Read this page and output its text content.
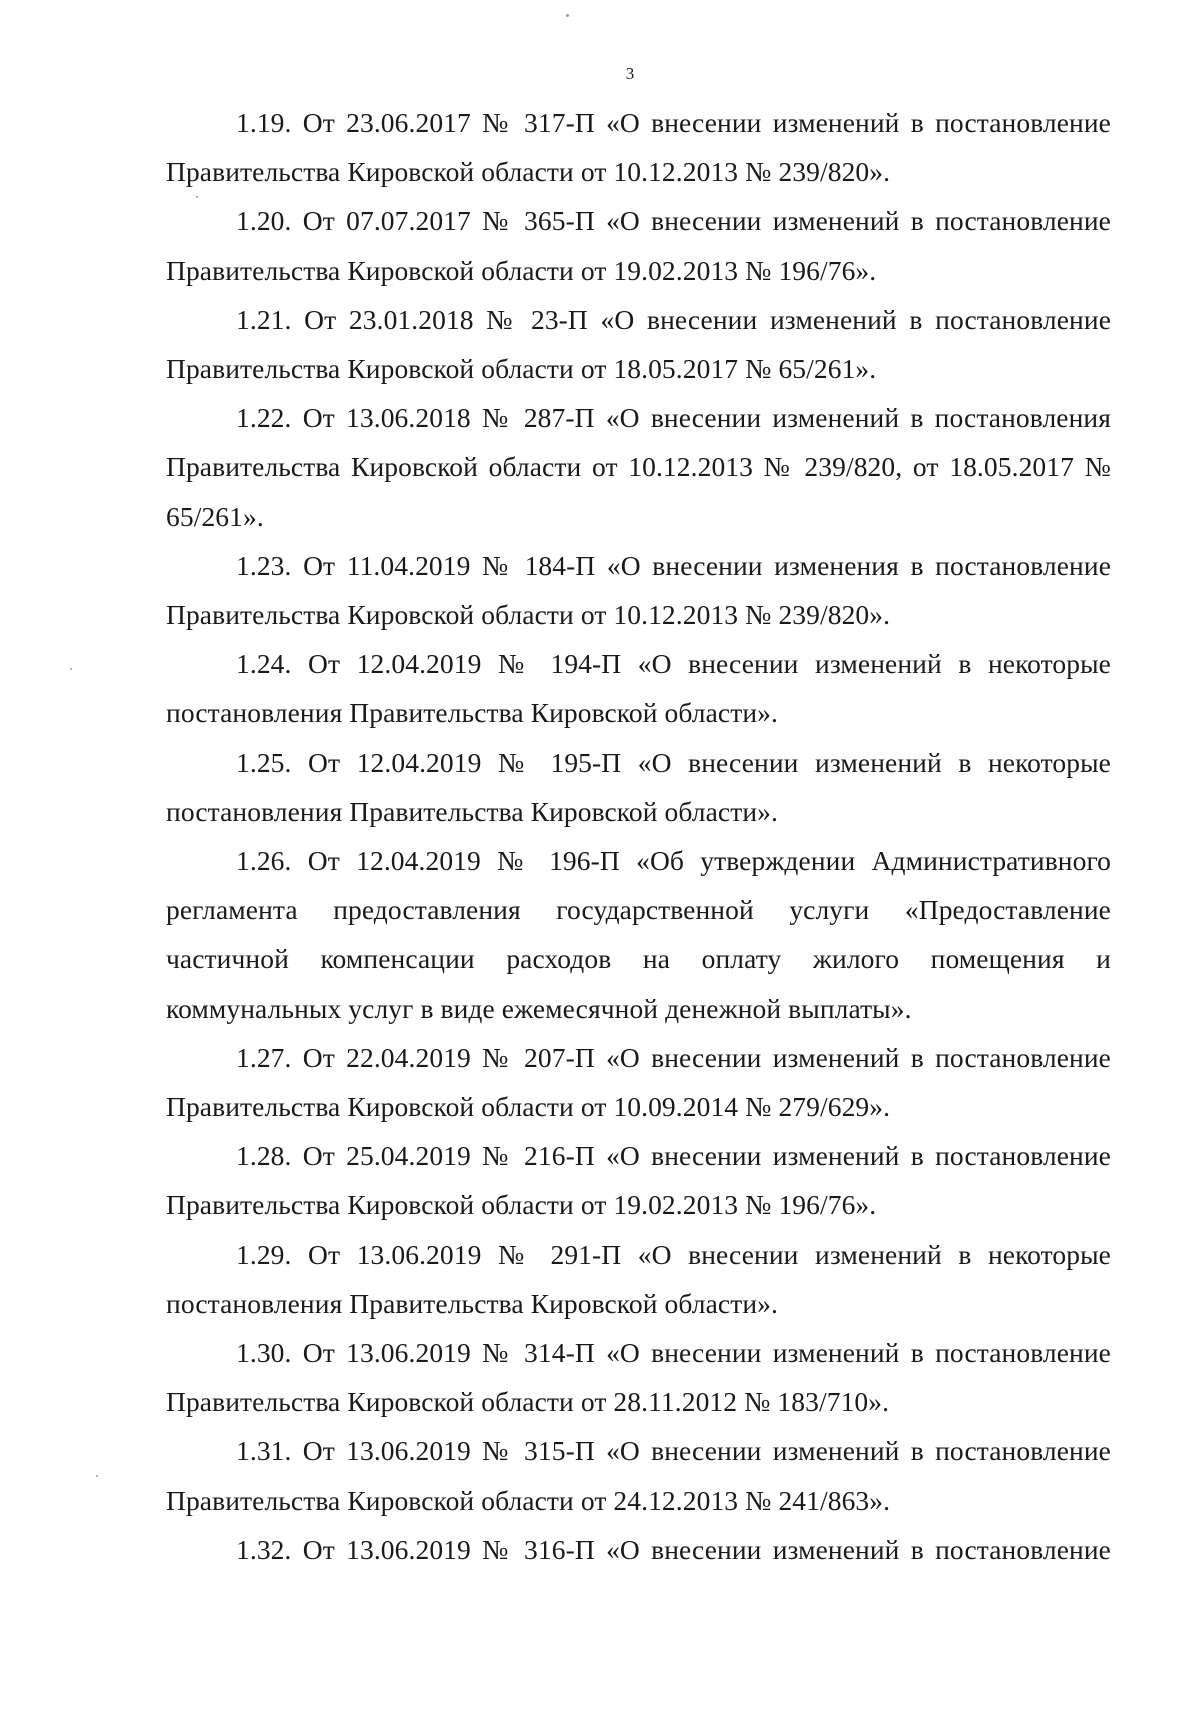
3

1.19. От 23.06.2017 № 317-П «О внесении изменений в постановление Правительства Кировской области от 10.12.2013 № 239/820».

1.20. От 07.07.2017 № 365-П «О внесении изменений в постановление Правительства Кировской области от 19.02.2013 № 196/76».

1.21. От 23.01.2018 № 23-П «О внесении изменений в постановление Правительства Кировской области от 18.05.2017 № 65/261».

1.22. От 13.06.2018 № 287-П «О внесении изменений в постановления Правительства Кировской области от 10.12.2013 № 239/820, от 18.05.2017 № 65/261».

1.23. От 11.04.2019 № 184-П «О внесении изменения в постановление Правительства Кировской области от 10.12.2013 № 239/820».

1.24. От 12.04.2019 № 194-П «О внесении изменений в некоторые постановления Правительства Кировской области».

1.25. От 12.04.2019 № 195-П «О внесении изменений в некоторые постановления Правительства Кировской области».

1.26. От 12.04.2019 № 196-П «Об утверждении Административного регламента предоставления государственной услуги «Предоставление частичной компенсации расходов на оплату жилого помещения и коммунальных услуг в виде ежемесячной денежной выплаты».

1.27. От 22.04.2019 № 207-П «О внесении изменений в постановление Правительства Кировской области от 10.09.2014 № 279/629».

1.28. От 25.04.2019 № 216-П «О внесении изменений в постановление Правительства Кировской области от 19.02.2013 № 196/76».

1.29. От 13.06.2019 № 291-П «О внесении изменений в некоторые постановления Правительства Кировской области».

1.30. От 13.06.2019 № 314-П «О внесении изменений в постановление Правительства Кировской области от 28.11.2012 № 183/710».

1.31. От 13.06.2019 № 315-П «О внесении изменений в постановление Правительства Кировской области от 24.12.2013 № 241/863».

1.32. От 13.06.2019 № 316-П «О внесении изменений в постановление
